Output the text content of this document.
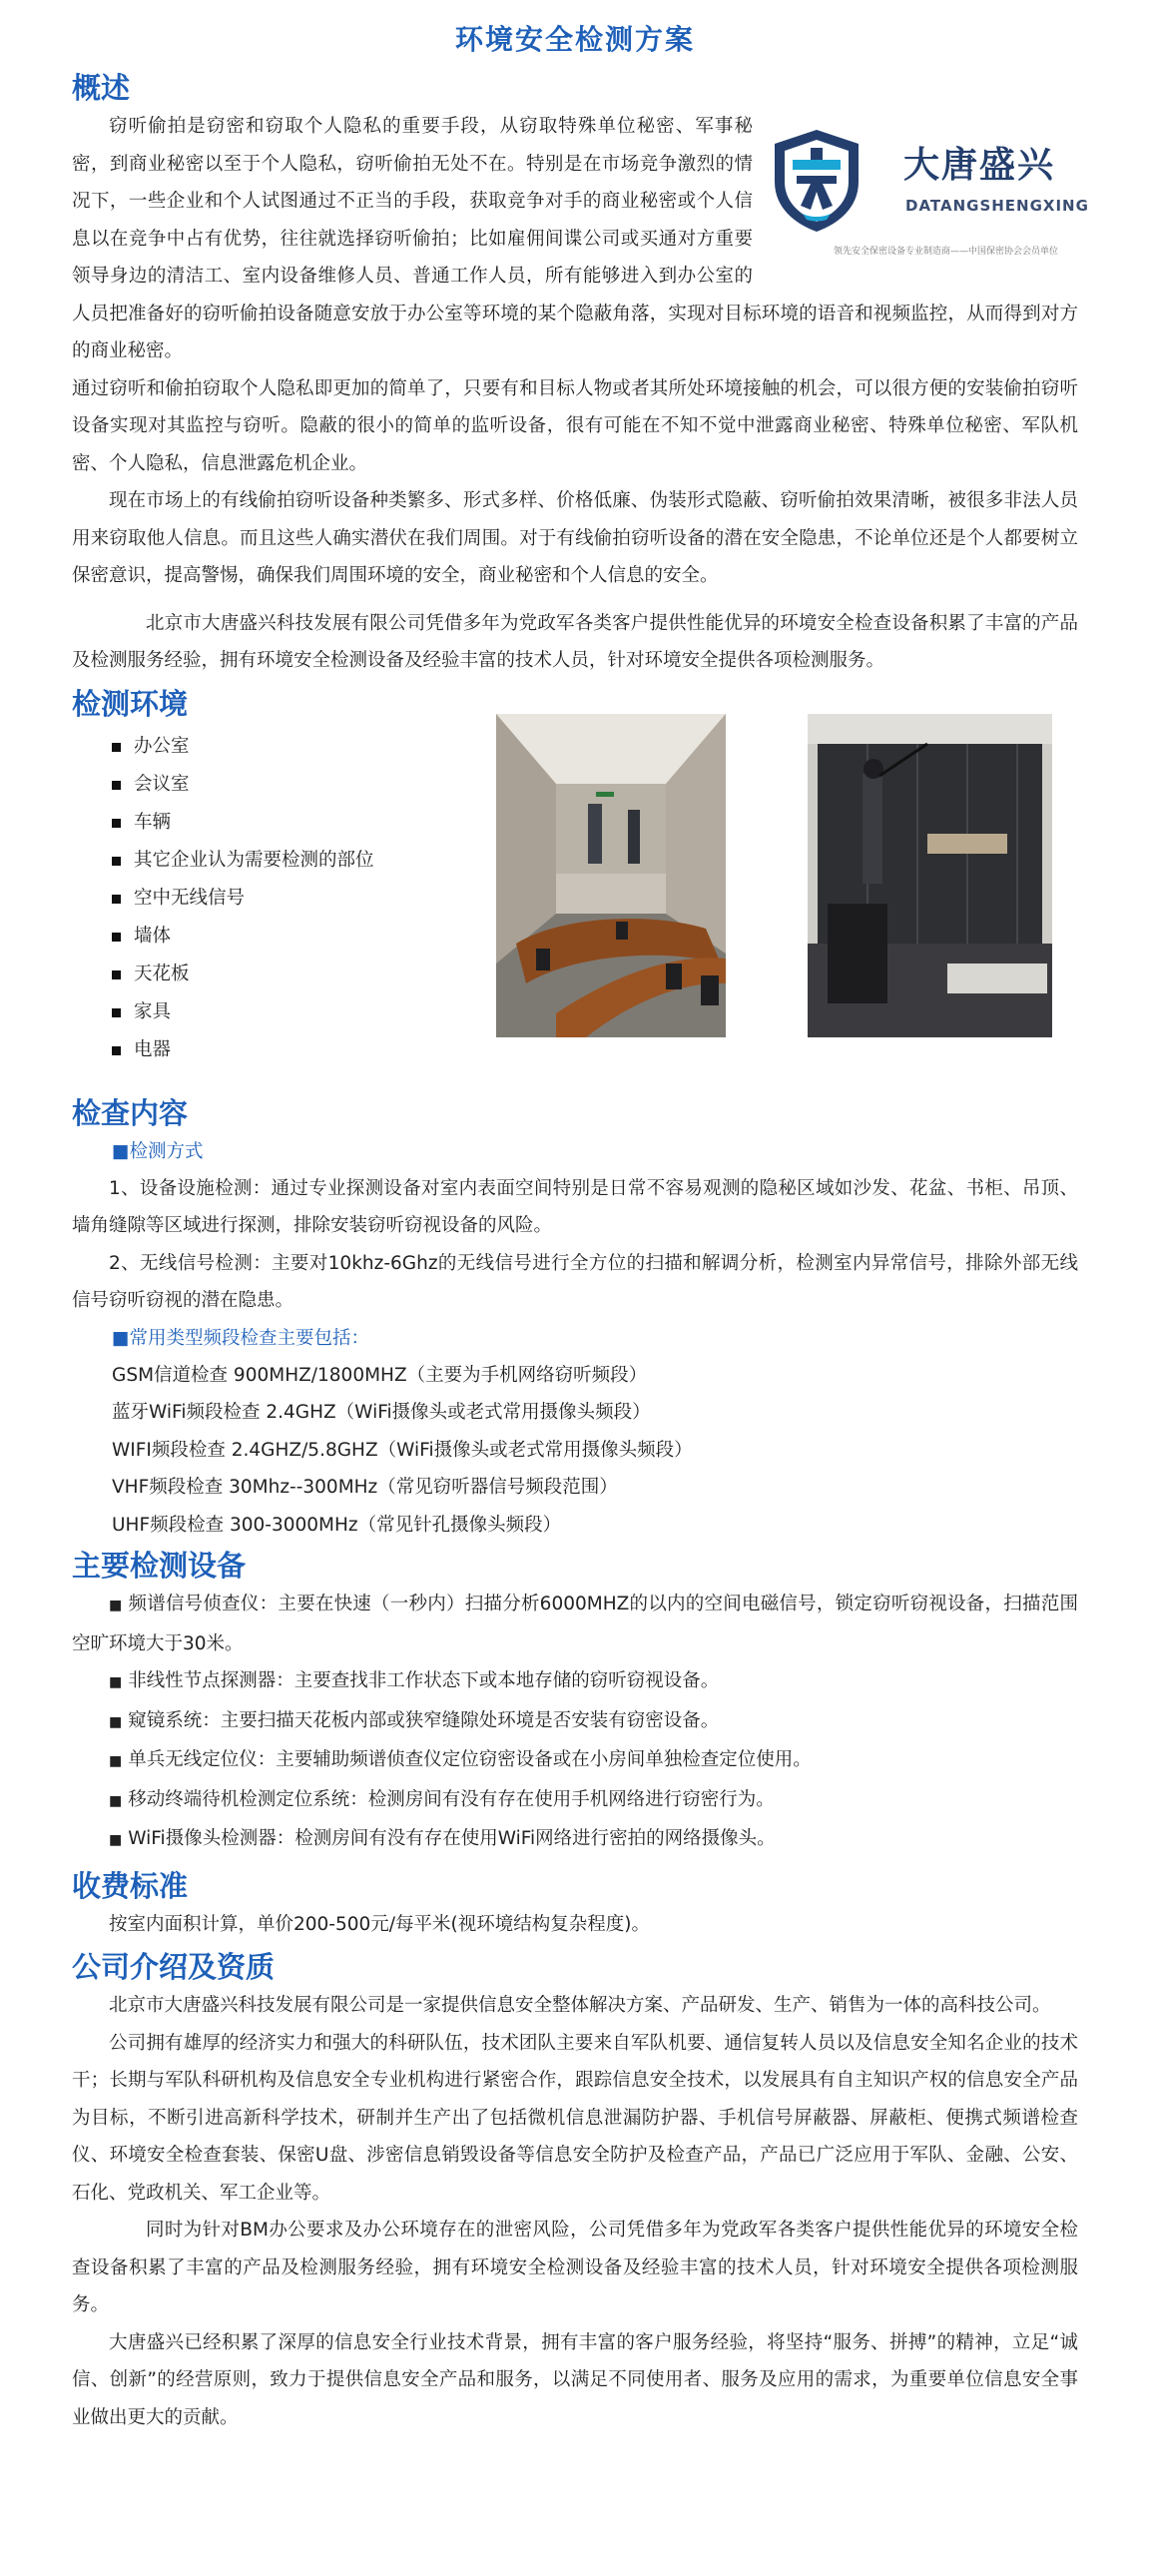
环境安全检测方案
概述

大唐盛兴
DATANGSHENGXING
领先安全保密设备专业制造商——中国保密协会会员单位
窃听偷拍是窃密和窃取个人隐私的重要手段，从窃取特殊单位秘密、军事秘密，到商业秘密以至于个人隐私，窃听偷拍无处不在。特别是在市场竞争激烈的情况下，一些企业和个人试图通过不正当的手段，获取竞争对手的商业秘密或个人信息以在竞争中占有优势，往往就选择窃听偷拍；比如雇佣间谍公司或买通对方重要领导身边的清洁工、室内设备维修人员、普通工作人员，所有能够进入到办公室的人员把准备好的窃听偷拍设备随意安放于办公室等环境的某个隐蔽角落，实现对目标环境的语音和视频监控，从而得到对方的商业秘密。

通过窃听和偷拍窃取个人隐私即更加的简单了，只要有和目标人物或者其所处环境接触的机会，可以很方便的安装偷拍窃听设备实现对其监控与窃听。隐蔽的很小的简单的监听设备，很有可能在不知不觉中泄露商业秘密、特殊单位秘密、军队机密、个人隐私，信息泄露危机企业。

现在市场上的有线偷拍窃听设备种类繁多、形式多样、价格低廉、伪装形式隐蔽、窃听偷拍效果清晰，被很多非法人员用来窃取他人信息。而且这些人确实潜伏在我们周围。对于有线偷拍窃听设备的潜在安全隐患，不论单位还是个人都要树立保密意识，提高警惕，确保我们周围环境的安全，商业秘密和个人信息的安全。

北京市大唐盛兴科技发展有限公司凭借多年为党政军各类客户提供性能优异的环境安全检查设备积累了丰富的产品及检测服务经验，拥有环境安全检测设备及经验丰富的技术人员，针对环境安全提供各项检测服务。

检测环境
办公室
会议室
车辆
其它企业认为需要检测的部位
空中无线信号
墙体
天花板
家具
电器
检查内容
■检测方式

1、设备设施检测：通过专业探测设备对室内表面空间特别是日常不容易观测的隐秘区域如沙发、花盆、书柜、吊顶、墙角缝隙等区域进行探测，排除安装窃听窃视设备的风险。

2、无线信号检测：主要对10khz-6Ghz的无线信号进行全方位的扫描和解调分析，检测室内异常信号，排除外部无线信号窃听窃视的潜在隐患。

■常用类型频段检查主要包括：
GSM信道检查 900MHZ/1800MHZ（主要为手机网络窃听频段）
蓝牙WiFi频段检查 2.4GHZ（WiFi摄像头或老式常用摄像头频段）
WIFI频段检查 2.4GHZ/5.8GHZ（WiFi摄像头或老式常用摄像头频段）
VHF频段检查 30Mhz--300MHz（常见窃听器信号频段范围）
UHF频段检查 300-3000MHz（常见针孔摄像头频段）
主要检测设备

■ 频谱信号侦查仪：主要在快速（一秒内）扫描分析6000MHZ的以内的空间电磁信号，锁定窃听窃视设备，扫描范围空旷环境大于30米。

■ 非线性节点探测器：主要查找非工作状态下或本地存储的窃听窃视设备。

■ 窥镜系统：主要扫描天花板内部或狭窄缝隙处环境是否安装有窃密设备。

■ 单兵无线定位仪：主要辅助频谱侦查仪定位窃密设备或在小房间单独检查定位使用。

■ 移动终端待机检测定位系统：检测房间有没有存在使用手机网络进行窃密行为。

■ WiFi摄像头检测器：检测房间有没有存在使用WiFi网络进行密拍的网络摄像头。

收费标准

按室内面积计算，单价200-500元/每平米(视环境结构复杂程度)。

公司介绍及资质

北京市大唐盛兴科技发展有限公司是一家提供信息安全整体解决方案、产品研发、生产、销售为一体的高科技公司。

公司拥有雄厚的经济实力和强大的科研队伍，技术团队主要来自军队机要、通信复转人员以及信息安全知名企业的技术干；长期与军队科研机构及信息安全专业机构进行紧密合作，跟踪信息安全技术，以发展具有自主知识产权的信息安全产品为目标，不断引进高新科学技术，研制并生产出了包括微机信息泄漏防护器、手机信号屏蔽器、屏蔽柜、便携式频谱检查仪、环境安全检查套装、保密U盘、涉密信息销毁设备等信息安全防护及检查产品，产品已广泛应用于军队、金融、公安、石化、党政机关、军工企业等。

同时为针对BM办公要求及办公环境存在的泄密风险，公司凭借多年为党政军各类客户提供性能优异的环境安全检查设备积累了丰富的产品及检测服务经验，拥有环境安全检测设备及经验丰富的技术人员，针对环境安全提供各项检测服务。

大唐盛兴已经积累了深厚的信息安全行业技术背景，拥有丰富的客户服务经验，将坚持“服务、拼搏”的精神，立足“诚信、创新”的经营原则，致力于提供信息安全产品和服务，以满足不同使用者、服务及应用的需求，为重要单位信息安全事业做出更大的贡献。
